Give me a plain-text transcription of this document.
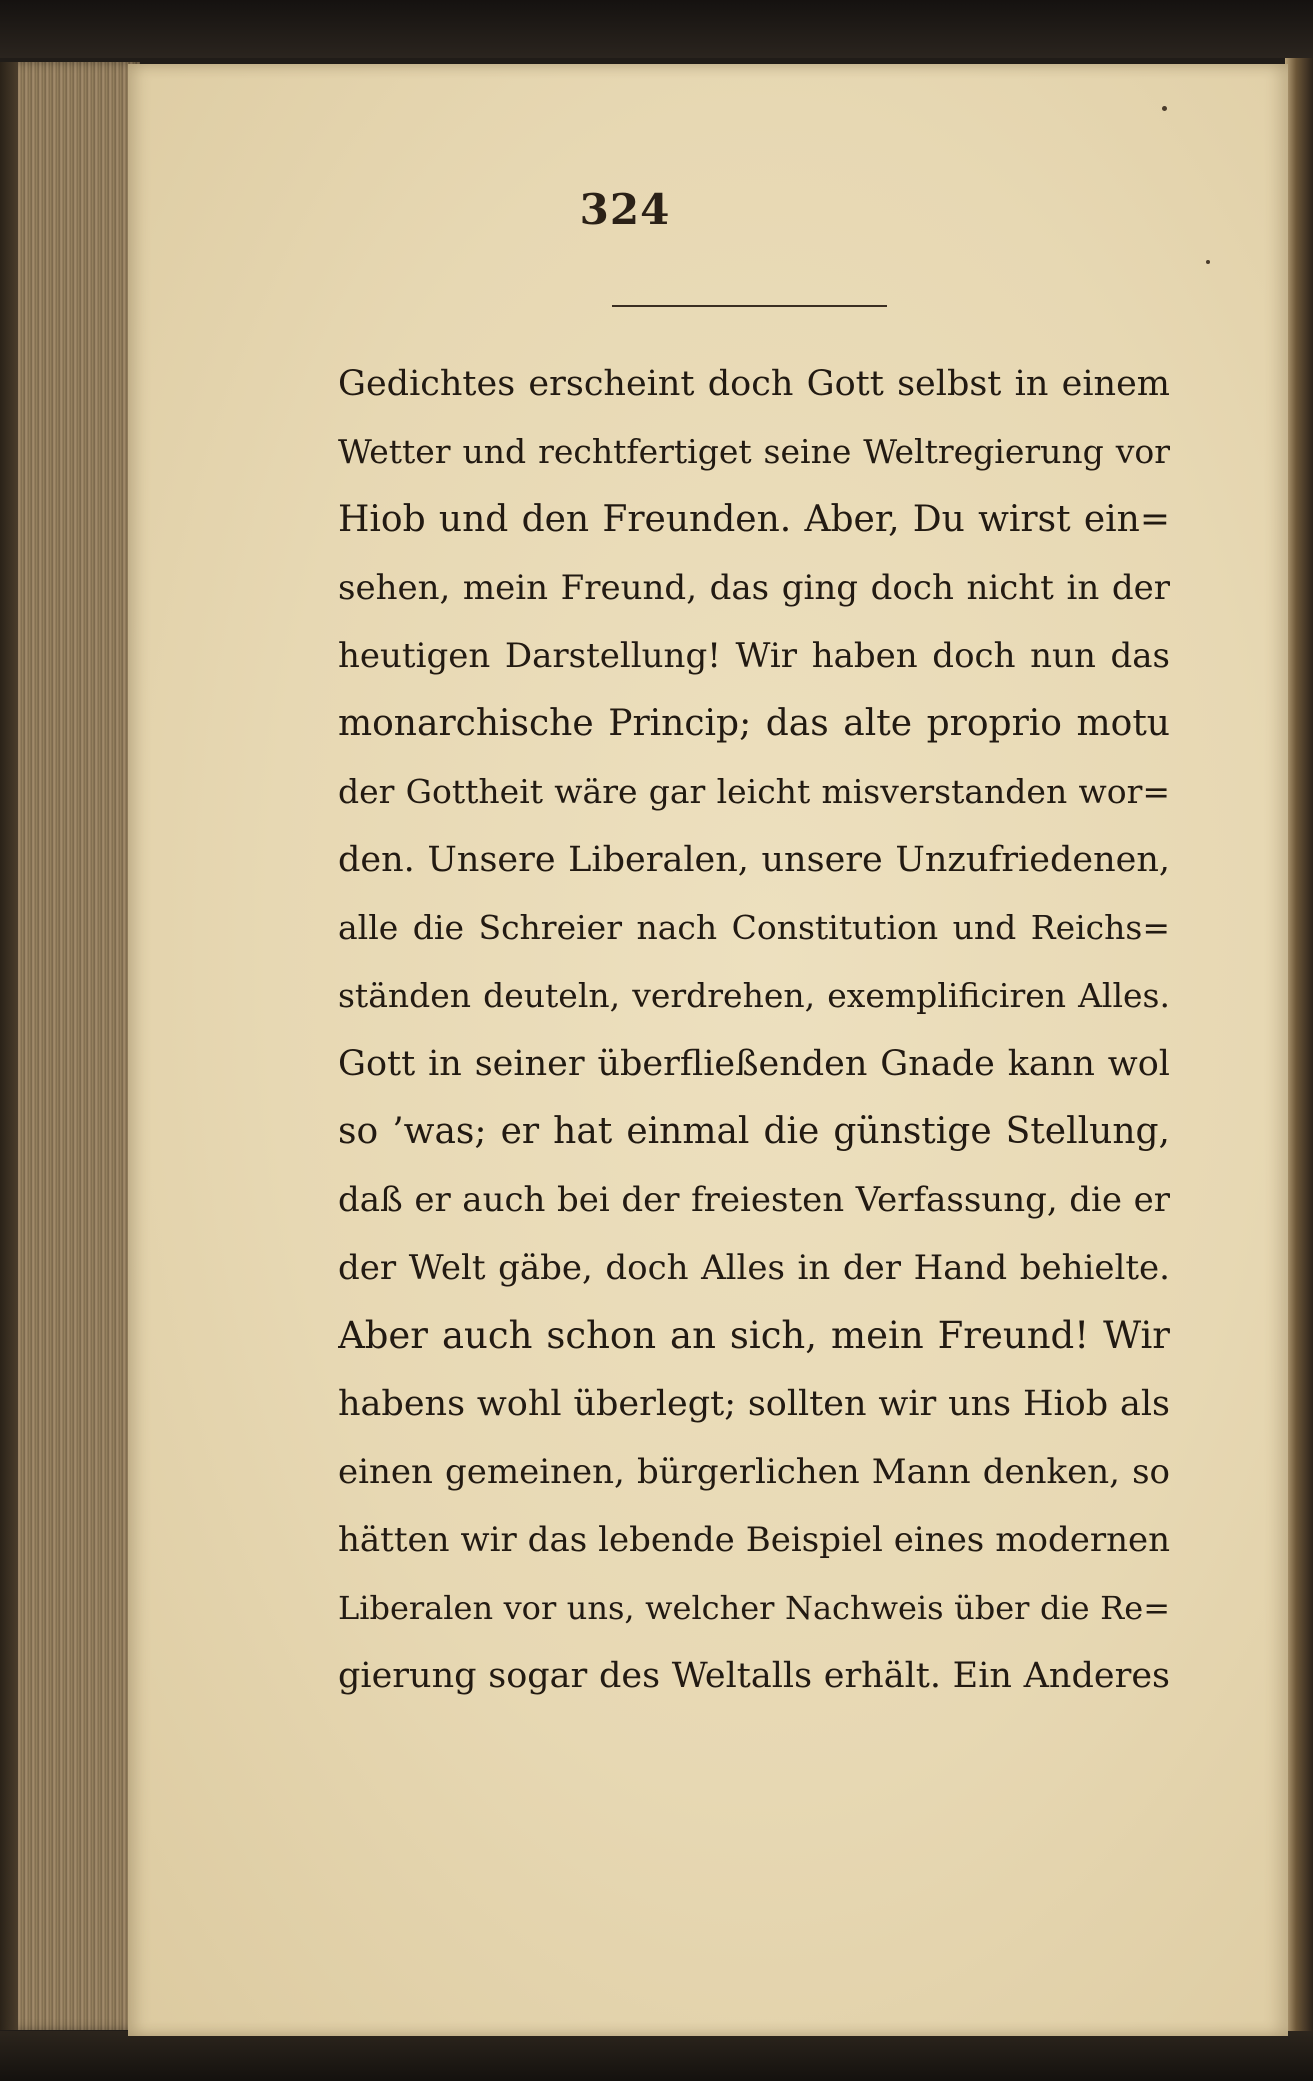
324
Gedichtes erscheint doch Gott selbst in einem
Wetter und rechtfertiget seine Weltregierung vor
Hiob und den Freunden. Aber, Du wirst ein=
sehen, mein Freund, das ging doch nicht in der
heutigen Darstellung! Wir haben doch nun das
monarchische Princip; das alte proprio motu
der Gottheit wäre gar leicht misverstanden wor=
den. Unsere Liberalen, unsere Unzufriedenen,
alle die Schreier nach Constitution und Reichs=
ständen deuteln, verdrehen, exemplificiren Alles.
Gott in seiner überfließenden Gnade kann wol
so ’was; er hat einmal die günstige Stellung,
daß er auch bei der freiesten Verfassung, die er
der Welt gäbe, doch Alles in der Hand behielte.
Aber auch schon an sich, mein Freund! Wir
habens wohl überlegt; sollten wir uns Hiob als
einen gemeinen, bürgerlichen Mann denken, so
hätten wir das lebende Beispiel eines modernen
Liberalen vor uns, welcher Nachweis über die Re=
gierung sogar des Weltalls erhält. Ein Anderes
